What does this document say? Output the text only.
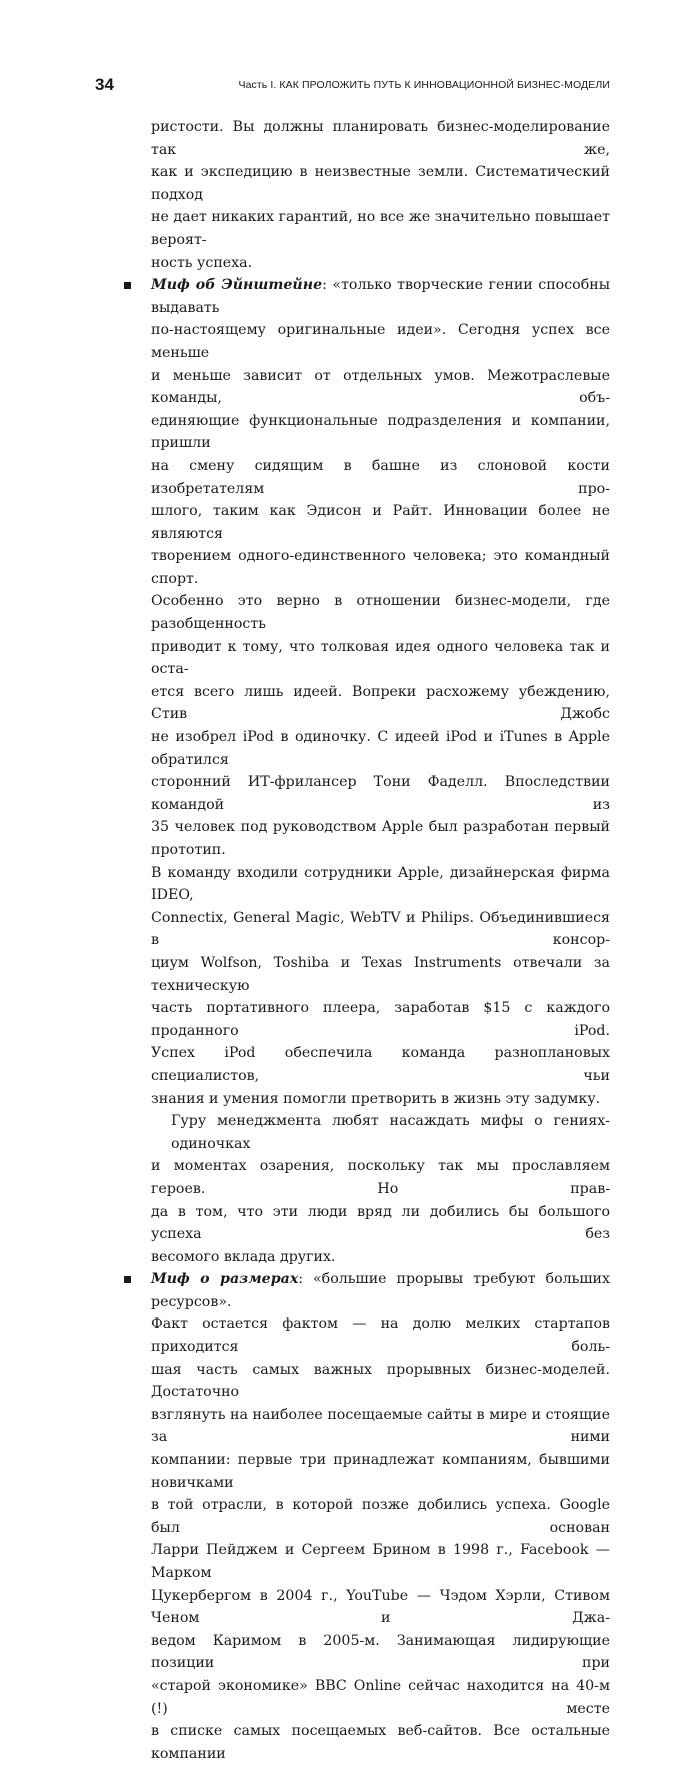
34	Часть I. КАК ПРОЛОЖИТЬ ПУТЬ К ИННОВАЦИОННОЙ БИЗНЕС-МОДЕЛИ
ристости. Вы должны планировать бизнес-моделирование так же,
как и экспедицию в неизвестные земли. Систематический подход
не дает никаких гарантий, но все же значительно повышает вероят-
ность успеха.
Миф об Эйнштейне: «только творческие гении способны выдавать
по-настоящему оригинальные идеи». Сегодня успех все меньше
и меньше зависит от отдельных умов. Межотраслевые команды, объ-
единяющие функциональные подразделения и компании, пришли
на смену сидящим в башне из слоновой кости изобретателям про-
шлого, таким как Эдисон и Райт. Инновации более не являются
творением одного-единственного человека; это командный спорт.
Особенно это верно в отношении бизнес-модели, где разобщенность
приводит к тому, что толковая идея одного человека так и оста-
ется всего лишь идеей. Вопреки расхожему убеждению, Стив Джобс
не изобрел iPod в одиночку. С идеей iPod и iTunes в Apple обратился
сторонний ИТ-фрилансер Тони Фаделл. Впоследствии командой из
35 человек под руководством Apple был разработан первый прототип.
В команду входили сотрудники Apple, дизайнерская фирма IDEO,
Connectix, General Magic, WebTV и Philips. Объединившиеся в консор-
циум Wolfson, Toshiba и Texas Instruments отвечали за техническую
часть портативного плеера, заработав $15 с каждого проданного iPod.
Успех iPod обеспечила команда разноплановых специалистов, чьи
знания и умения помогли претворить в жизнь эту задумку.
Гуру менеджмента любят насаждать мифы о гениях-одиночках
и моментах озарения, поскольку так мы прославляем героев. Но прав-
да в том, что эти люди вряд ли добились бы большого успеха без
весомого вклада других.
Миф о размерах: «большие прорывы требуют больших ресурсов».
Факт остается фактом — на долю мелких стартапов приходится боль-
шая часть самых важных прорывных бизнес-моделей. Достаточно
взглянуть на наиболее посещаемые сайты в мире и стоящие за ними
компании: первые три принадлежат компаниям, бывшими новичками
в той отрасли, в которой позже добились успеха. Google был основан
Ларри Пейджем и Сергеем Брином в 1998 г., Facebook — Марком
Цукербергом в 2004 г., YouTube — Чэдом Хэрли, Стивом Ченом и Джа-
ведом Каримом в 2005-м. Занимающая лидирующие позиции при
«старой экономике» BBC Online сейчас находится на 40-м (!) месте
в списке самых посещаемых веб-сайтов. Все остальные компании
